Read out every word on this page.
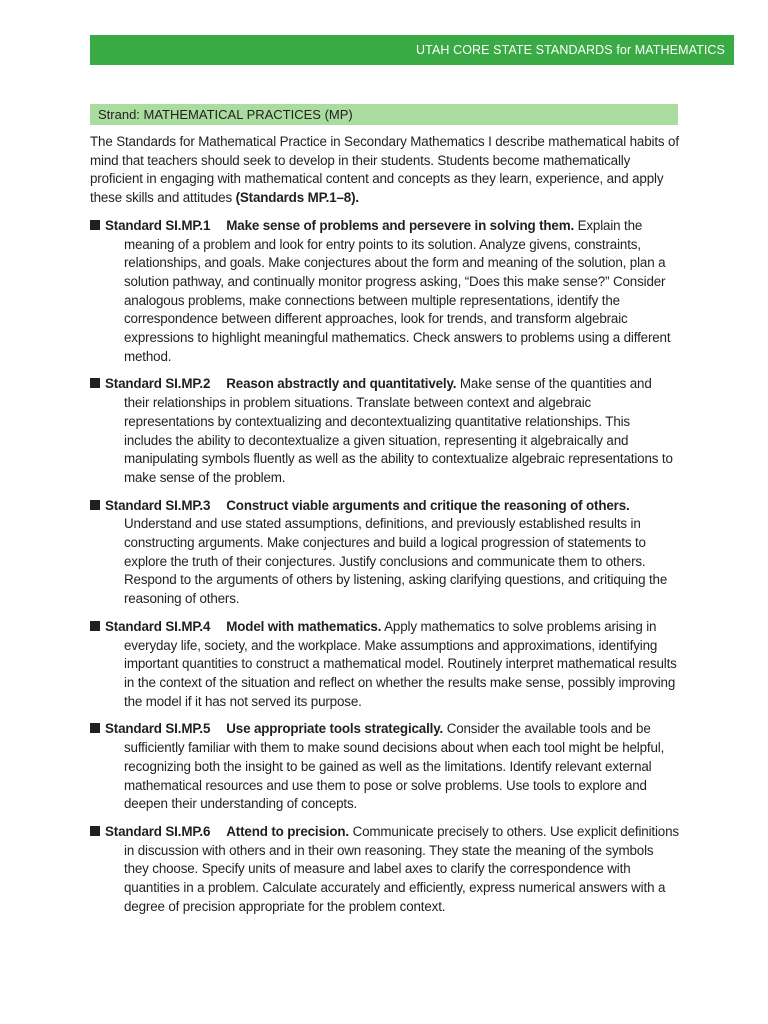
UTAH CORE STATE STANDARDS for MATHEMATICS
Strand: MATHEMATICAL PRACTICES (MP)

The Standards for Mathematical Practice in Secondary Mathematics I describe mathematical habits of mind that teachers should seek to develop in their students. Students become mathematically proficient in engaging with mathematical content and concepts as they learn, experience, and apply these skills and attitudes (Standards MP.1–8).

Standard SI.MP.1 Make sense of problems and persevere in solving them. Explain the meaning of a problem and look for entry points to its solution. Analyze givens, constraints, relationships, and goals. Make conjectures about the form and meaning of the solution, plan a solution pathway, and continually monitor progress asking, “Does this make sense?” Consider analogous problems, make connections between multiple representations, identify the correspondence between different approaches, look for trends, and transform algebraic expressions to highlight meaningful mathematics. Check answers to problems using a different method.

Standard SI.MP.2 Reason abstractly and quantitatively. Make sense of the quantities and their relationships in problem situations. Translate between context and algebraic representations by contextualizing and decontextualizing quantitative relationships. This includes the ability to decontextualize a given situation, representing it algebraically and manipulating symbols fluently as well as the ability to contextualize algebraic representations to make sense of the problem.

Standard SI.MP.3 Construct viable arguments and critique the reasoning of others. Understand and use stated assumptions, definitions, and previously established results in constructing arguments. Make conjectures and build a logical progression of statements to explore the truth of their conjectures. Justify conclusions and communicate them to others. Respond to the arguments of others by listening, asking clarifying questions, and critiquing the reasoning of others.

Standard SI.MP.4 Model with mathematics. Apply mathematics to solve problems arising in everyday life, society, and the workplace. Make assumptions and approximations, identifying important quantities to construct a mathematical model. Routinely interpret mathematical results in the context of the situation and reflect on whether the results make sense, possibly improving the model if it has not served its purpose.

Standard SI.MP.5 Use appropriate tools strategically. Consider the available tools and be sufficiently familiar with them to make sound decisions about when each tool might be helpful, recognizing both the insight to be gained as well as the limitations. Identify relevant external mathematical resources and use them to pose or solve problems. Use tools to explore and deepen their understanding of concepts.

Standard SI.MP.6 Attend to precision. Communicate precisely to others. Use explicit definitions in discussion with others and in their own reasoning. They state the meaning of the symbols they choose. Specify units of measure and label axes to clarify the correspondence with quantities in a problem. Calculate accurately and efficiently, express numerical answers with a degree of precision appropriate for the problem context.
